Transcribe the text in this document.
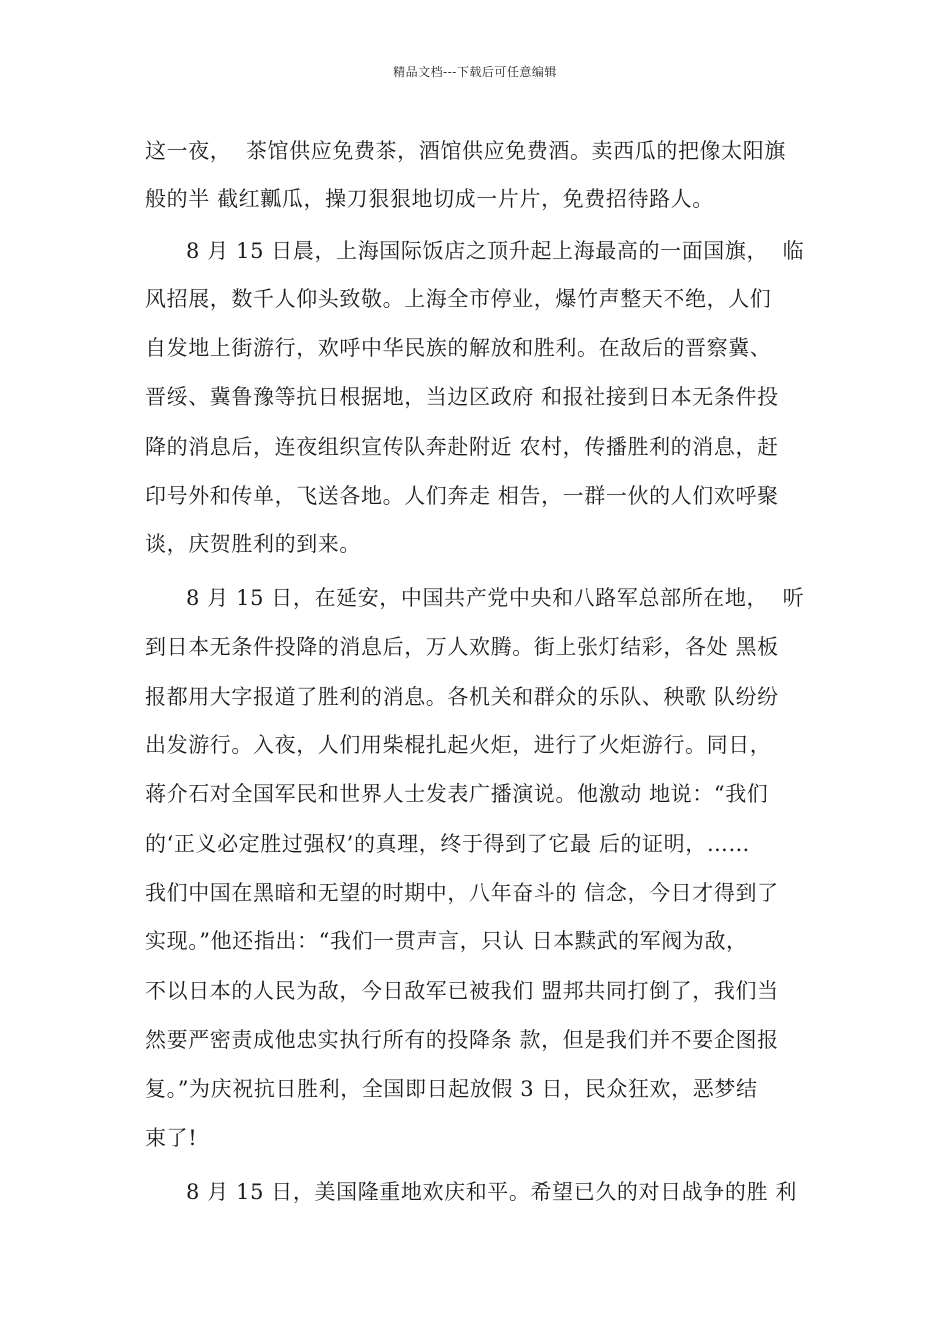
精品文档---下载后可任意编辑
这一夜，  茶馆供应免费茶，酒馆供应免费酒。卖西瓜的把像太阳旗
般的半 截红瓤瓜，操刀狠狠地切成一片片，免费招待路人。
8 月 15 日晨，上海国际饭店之顶升起上海最高的一面国旗，  临
风招展，数千人仰头致敬。上海全市停业，爆竹声整天不绝，人们
自发地上街游行，欢呼中华民族的解放和胜利。在敌后的晋察冀、
晋绥、冀鲁豫等抗日根据地，当边区政府 和报社接到日本无条件投
降的消息后，连夜组织宣传队奔赴附近 农村，传播胜利的消息，赶
印号外和传单，飞送各地。人们奔走 相告，一群一伙的人们欢呼聚
谈，庆贺胜利的到来。
8 月 15 日，在延安，中国共产党中央和八路军总部所在地，  听
到日本无条件投降的消息后，万人欢腾。街上张灯结彩，各处 黑板
报都用大字报道了胜利的消息。各机关和群众的乐队、秧歌 队纷纷
出发游行。入夜，人们用柴棍扎起火炬，进行了火炬游行。同日，
蒋介石对全国军民和世界人士发表广播演说。他激动 地说：“我们
的‘正义必定胜过强权’的真理，终于得到了它最 后的证明，……
我们中国在黑暗和无望的时期中，八年奋斗的 信念，今日才得到了
实现。”他还指出：“我们一贯声言，只认 日本黩武的军阀为敌，
不以日本的人民为敌，今日敌军已被我们 盟邦共同打倒了，我们当
然要严密责成他忠实执行所有的投降条 款，但是我们并不要企图报
复。”为庆祝抗日胜利，全国即日起放假 3 日，民众狂欢，恶梦结
束了!
8 月 15 日，美国隆重地欢庆和平。希望已久的对日战争的胜 利
